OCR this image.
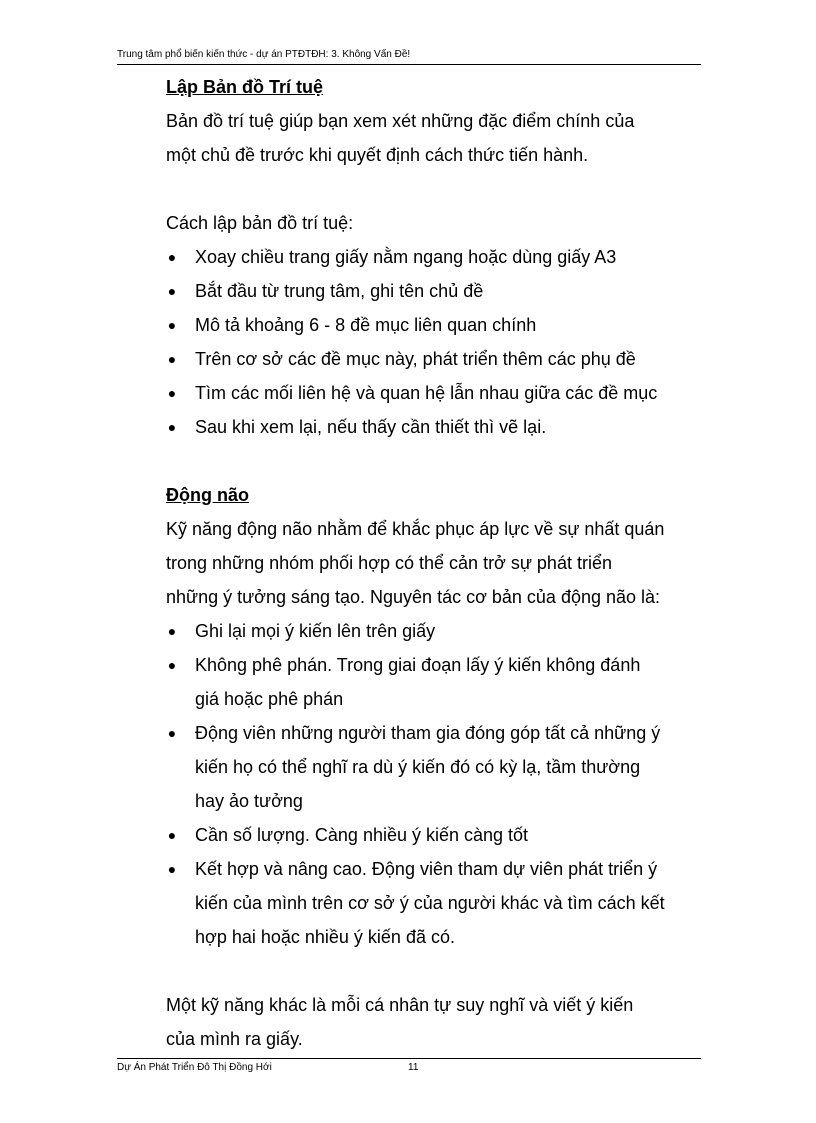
Trung tâm phổ biến kiến thức - dự án PTĐTĐH: 3. Không Vấn Đề!

Lập Bản đồ Trí tuệ

Bản đồ trí tuệ giúp bạn xem xét những đặc điểm chính của

một chủ đề trước khi quyết định cách thức tiến hành.

Cách lập bản đồ trí tuệ:

● Xoay chiều trang giấy nằm ngang hoặc dùng giấy A3
● Bắt đầu từ trung tâm, ghi tên chủ đề
● Mô tả khoảng 6 - 8 đề mục liên quan chính
● Trên cơ sở các đề mục này, phát triển thêm các phụ đề
● Tìm các mối liên hệ và quan hệ lẫn nhau giữa các đề mục
● Sau khi xem lại, nếu thấy cần thiết thì vẽ lại.

Động não

Kỹ năng động não nhằm để khắc phục áp lực về sự nhất quán

trong những nhóm phối hợp có thể cản trở sự phát triển

những ý tưởng sáng tạo. Nguyên tác cơ bản của động não là:

● Ghi lại mọi ý kiến lên trên giấy
● Không phê phán. Trong giai đoạn lấy ý kiến không đánh
giá hoặc phê phán
● Động viên những người tham gia đóng góp tất cả những ý
kiến họ có thể nghĩ ra dù ý kiến đó có kỳ lạ, tầm thường
hay ảo tưởng
● Cần số lượng. Càng nhiều ý kiến càng tốt
● Kết hợp và nâng cao. Động viên tham dự viên phát triển ý
kiến của mình trên cơ sở ý của người khác và tìm cách kết
hợp hai hoặc nhiều ý kiến đã có.

Một kỹ năng khác là mỗi cá nhân tự suy nghĩ và viết ý kiến

của mình ra giấy.

Dự Án Phát Triển Đô Thị Đồng Hới	11
